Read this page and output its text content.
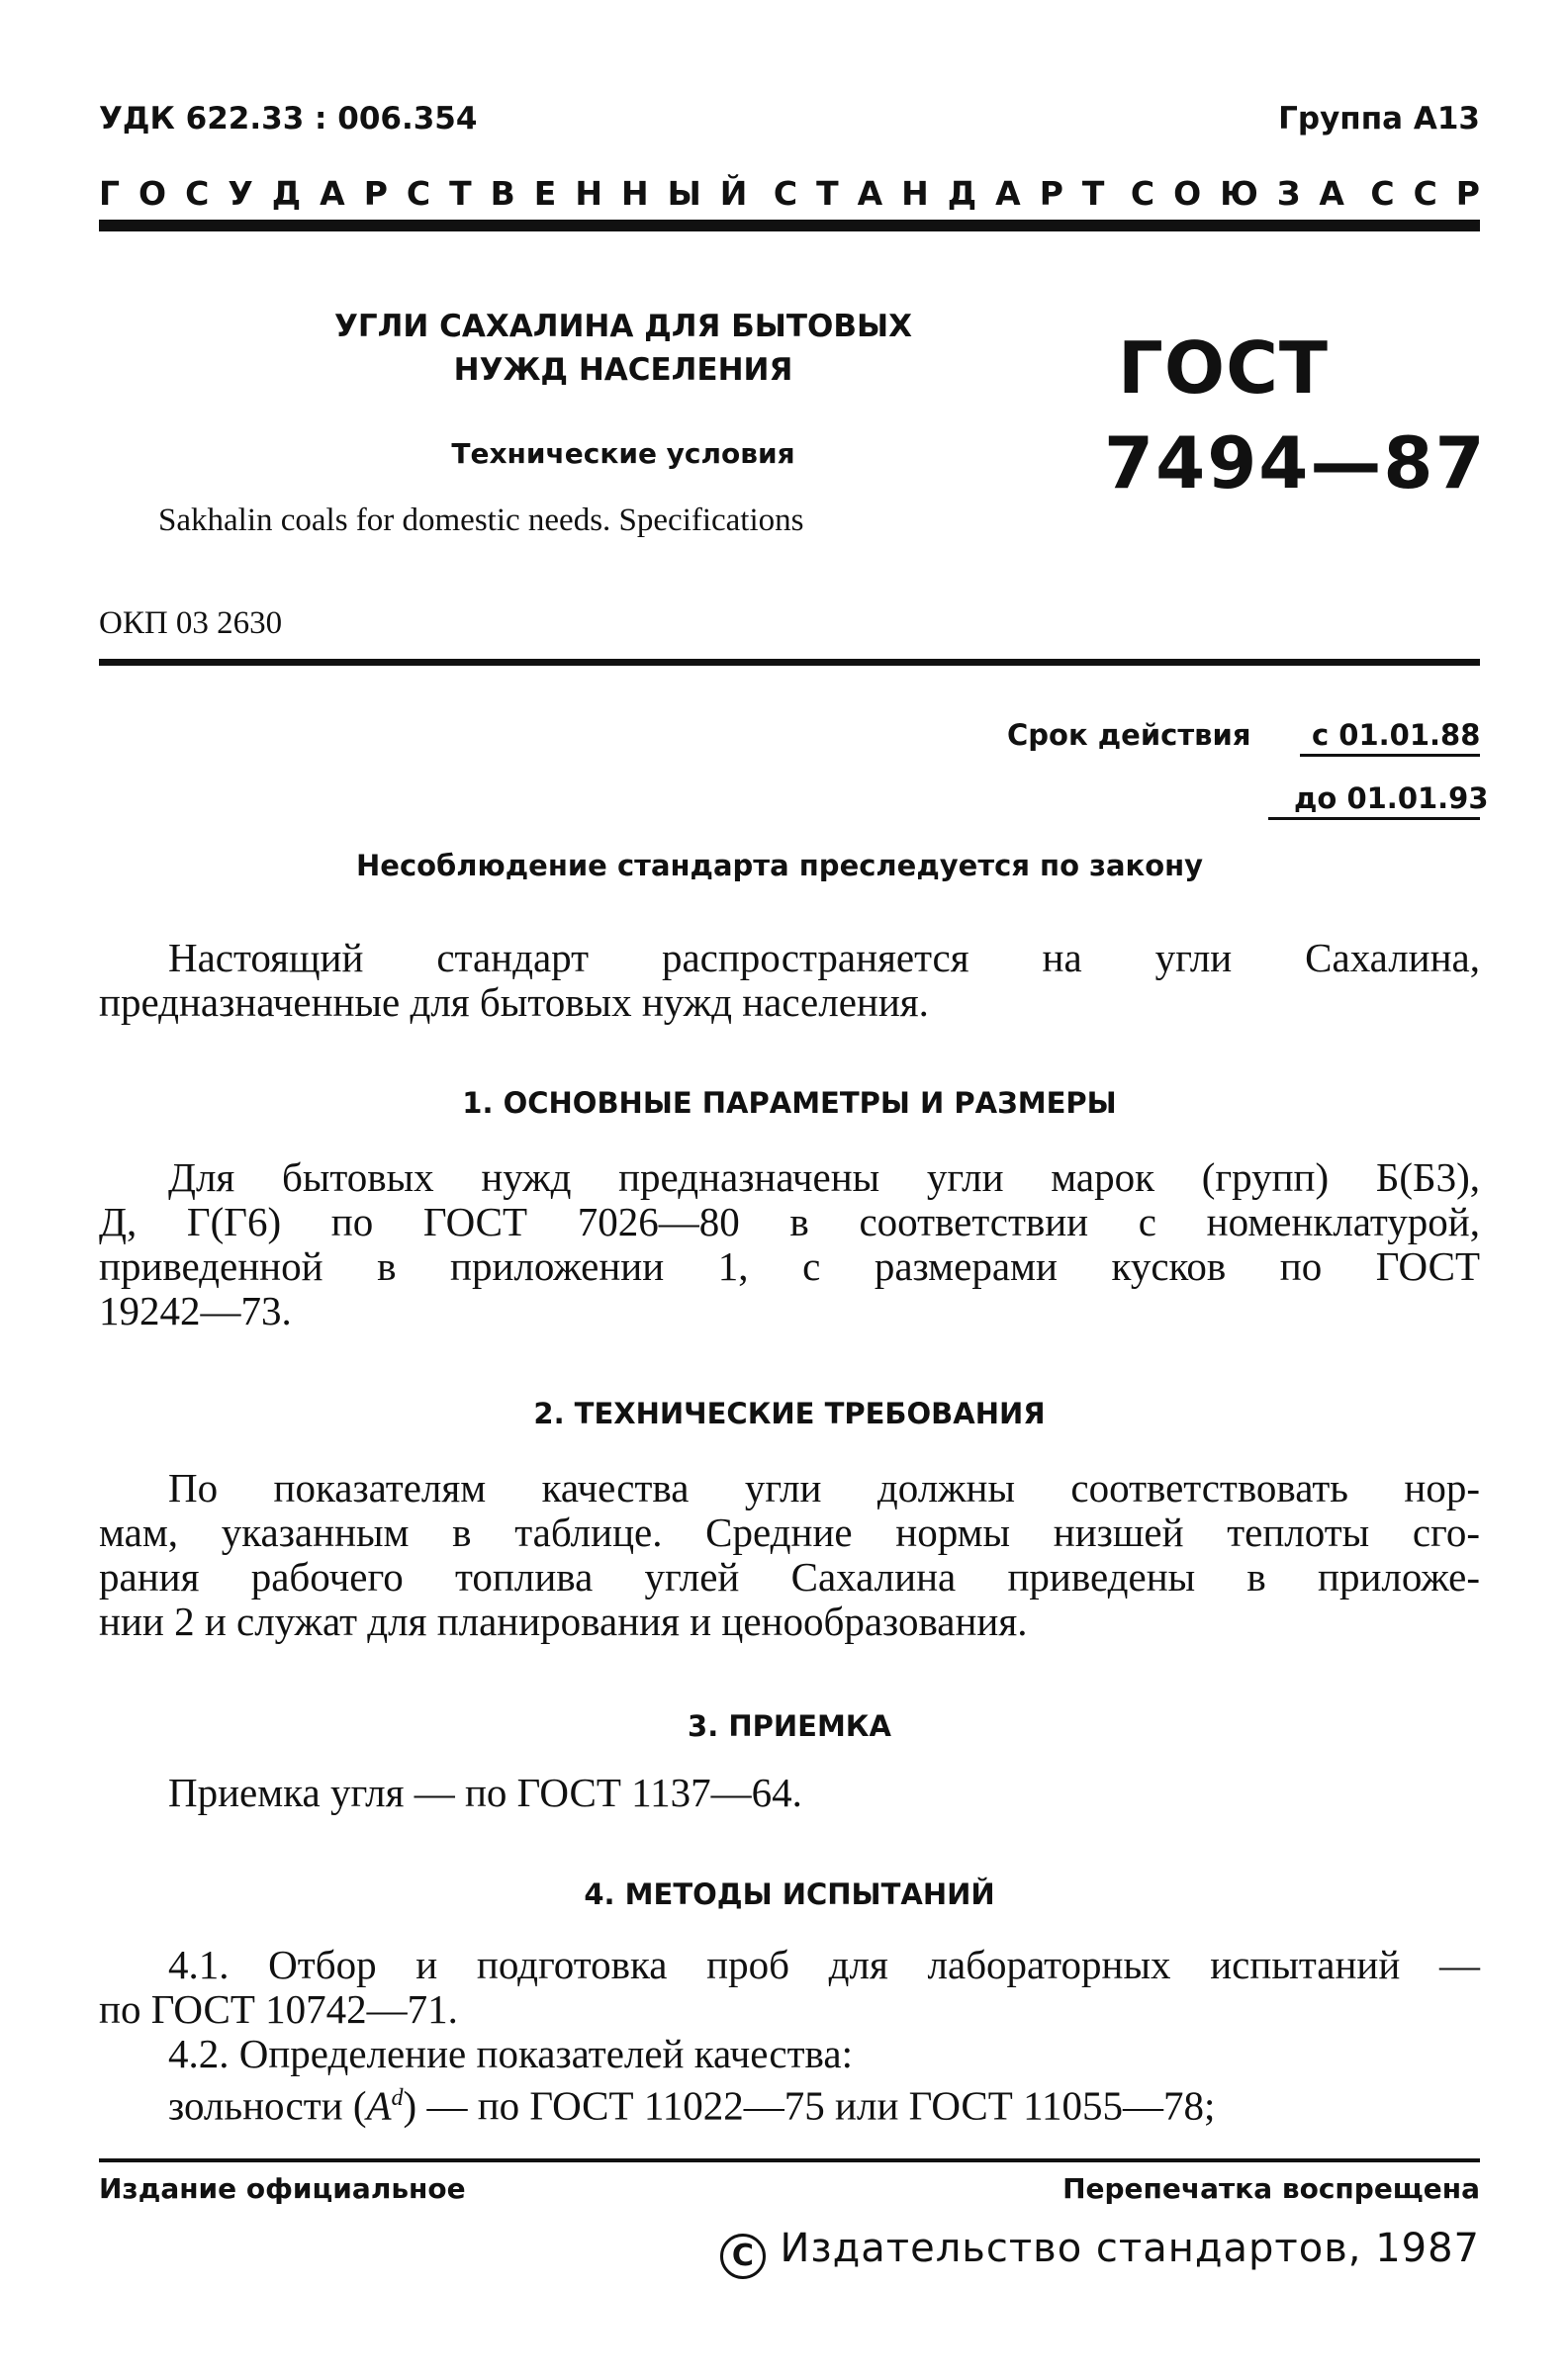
УДК 622.33 : 006.354	Группа А13
Г О С У Д А Р С Т В Е Н Н Ы Й С Т А Н Д А Р Т С О Ю З А С С Р
УГЛИ САХАЛИНА ДЛЯ БЫТОВЫХ
НУЖД НАСЕЛЕНИЯ
Технические условия
Sakhalin coals for domestic needs. Specifications
ГОСТ
7494—87
ОКП 03 2630
Срок действия с 01.01.88
до 01.01.93
Несоблюдение стандарта преследуется по закону
Настоящий стандарт распространяется на угли Сахалина,
предназначенные для бытовых нужд населения.
1. ОСНОВНЫЕ ПАРАМЕТРЫ И РАЗМЕРЫ
Для бытовых нужд предназначены угли марок (групп) Б(Б3),
Д, Г(Г6) по ГОСТ 7026—80 в соответствии с номенклатурой,
приведенной в приложении 1, с размерами кусков по ГОСТ
19242—73.
2. ТЕХНИЧЕСКИЕ ТРЕБОВАНИЯ
По показателям качества угли должны соответствовать нор-
мам, указанным в таблице. Средние нормы низшей теплоты сго-
рания рабочего топлива углей Сахалина приведены в приложе-
нии 2 и служат для планирования и ценообразования.
3. ПРИЕМКА
Приемка угля — по ГОСТ 1137—64.
4. МЕТОДЫ ИСПЫТАНИЙ
4.1. Отбор и подготовка проб для лабораторных испытаний —
по ГОСТ 10742—71.
4.2. Определение показателей качества:
зольности $(A^d)$ — по ГОСТ 11022—75 или ГОСТ 11055—78;
Издание официальное	Перепечатка воспрещена
C Издательство стандартов, 1987
